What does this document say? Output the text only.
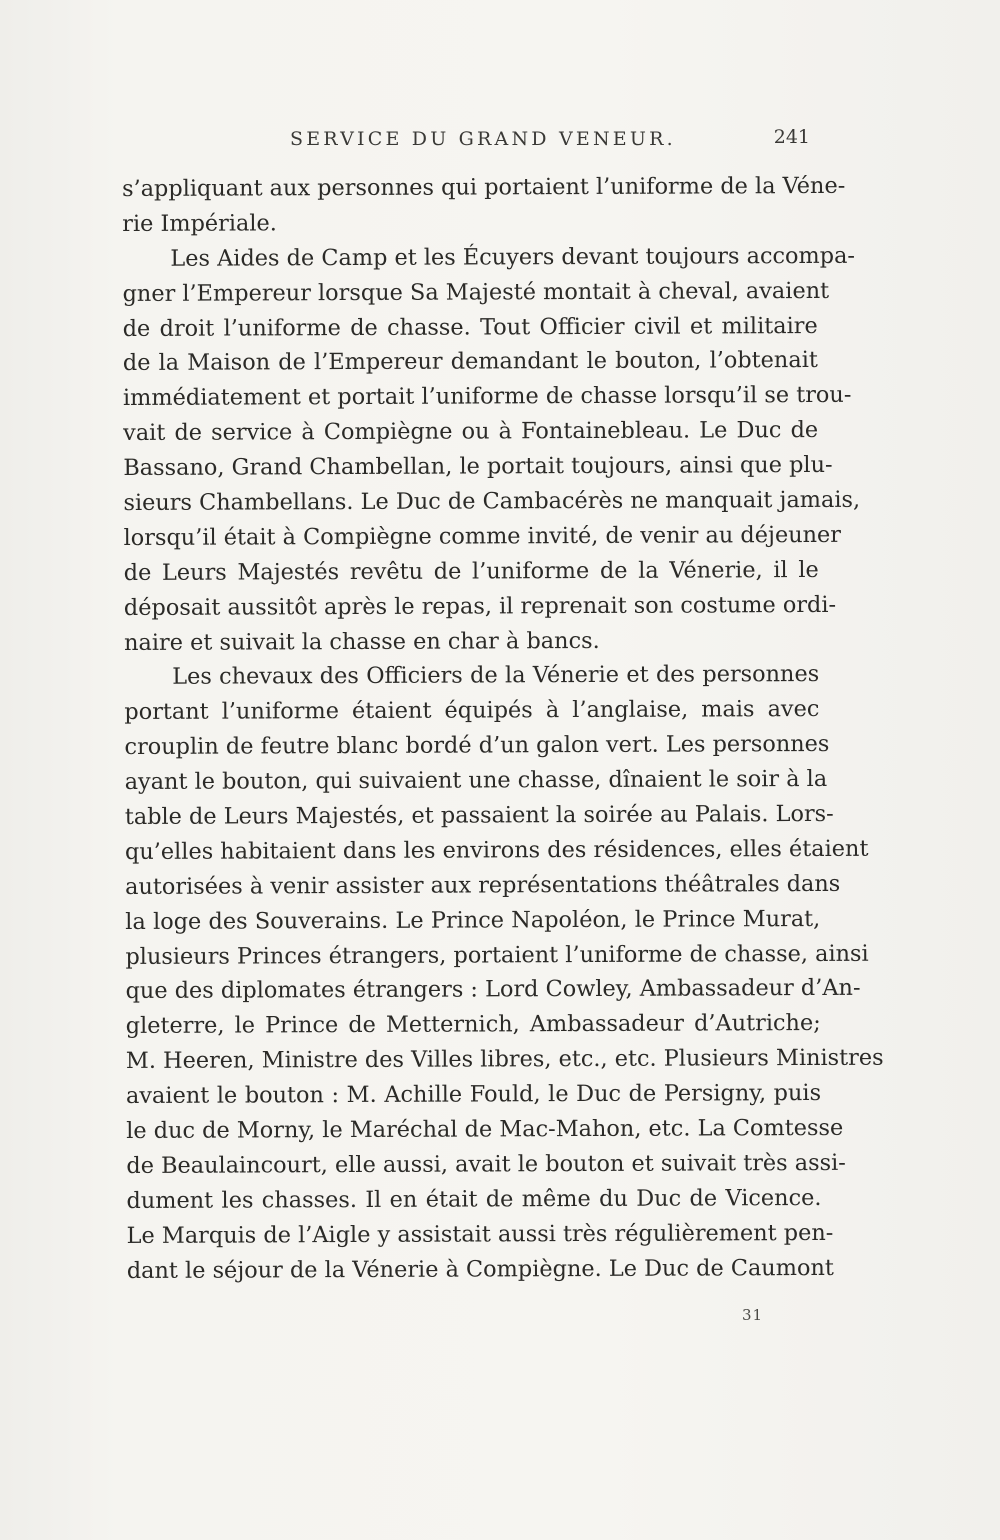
SERVICE DU GRAND VENEUR.	241
s’appliquant aux personnes qui portaient l’uniforme de la Véne-
rie Impériale.
Les Aides de Camp et les Écuyers devant toujours accompa-
gner l’Empereur lorsque Sa Majesté montait à cheval, avaient
de droit l’uniforme de chasse. Tout Officier civil et militaire
de la Maison de l’Empereur demandant le bouton, l’obtenait
immédiatement et portait l’uniforme de chasse lorsqu’il se trou-
vait de service à Compiègne ou à Fontainebleau. Le Duc de
Bassano, Grand Chambellan, le portait toujours, ainsi que plu-
sieurs Chambellans. Le Duc de Cambacérès ne manquait jamais,
lorsqu’il était à Compiègne comme invité, de venir au déjeuner
de Leurs Majestés revêtu de l’uniforme de la Vénerie, il le
déposait aussitôt après le repas, il reprenait son costume ordi-
naire et suivait la chasse en char à bancs.
Les chevaux des Officiers de la Vénerie et des personnes
portant l’uniforme étaient équipés à l’anglaise, mais avec
crouplin de feutre blanc bordé d’un galon vert. Les personnes
ayant le bouton, qui suivaient une chasse, dînaient le soir à la
table de Leurs Majestés, et passaient la soirée au Palais. Lors-
qu’elles habitaient dans les environs des résidences, elles étaient
autorisées à venir assister aux représentations théâtrales dans
la loge des Souverains. Le Prince Napoléon, le Prince Murat,
plusieurs Princes étrangers, portaient l’uniforme de chasse, ainsi
que des diplomates étrangers : Lord Cowley, Ambassadeur d’An-
gleterre, le Prince de Metternich, Ambassadeur d’Autriche;
M. Heeren, Ministre des Villes libres, etc., etc. Plusieurs Ministres
avaient le bouton : M. Achille Fould, le Duc de Persigny, puis
le duc de Morny, le Maréchal de Mac-Mahon, etc. La Comtesse
de Beaulaincourt, elle aussi, avait le bouton et suivait très assi-
dument les chasses. Il en était de même du Duc de Vicence.
Le Marquis de l’Aigle y assistait aussi très régulièrement pen-
dant le séjour de la Vénerie à Compiègne. Le Duc de Caumont
31
